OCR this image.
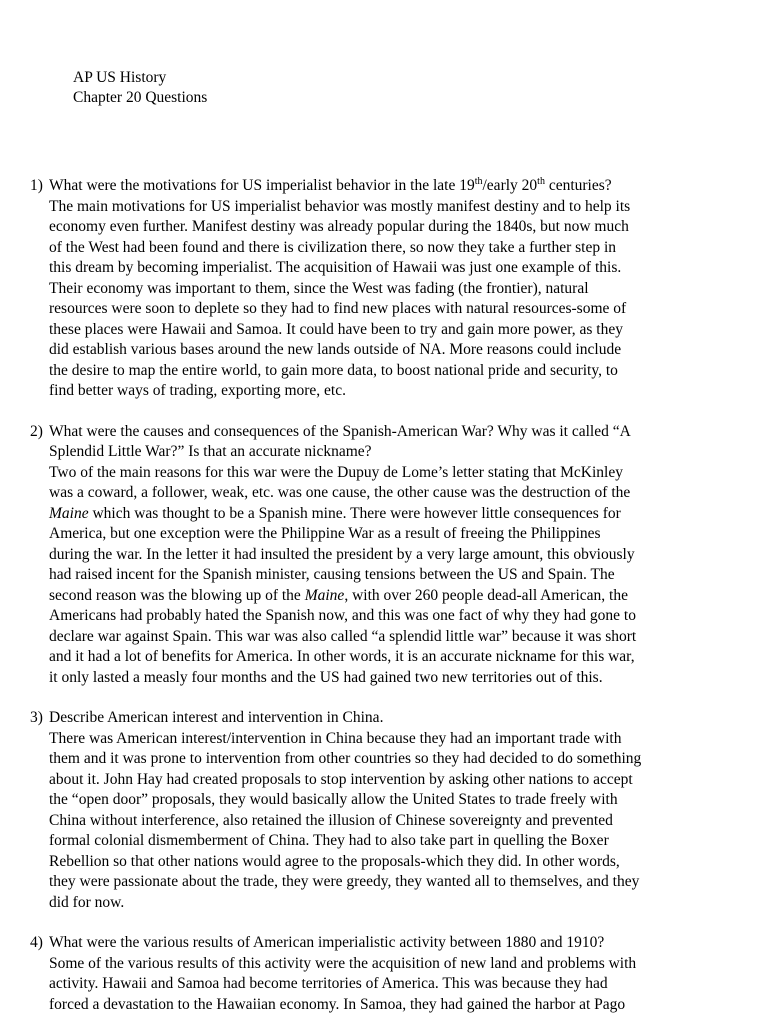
AP US History
Chapter 20 Questions
1) What were the motivations for US imperialist behavior in the late 19th/early 20th centuries?
The main motivations for US imperialist behavior was mostly manifest destiny and to help its
economy even further. Manifest destiny was already popular during the 1840s, but now much
of the West had been found and there is civilization there, so now they take a further step in
this dream by becoming imperialist. The acquisition of Hawaii was just one example of this.
Their economy was important to them, since the West was fading (the frontier), natural
resources were soon to deplete so they had to find new places with natural resources-some of
these places were Hawaii and Samoa. It could have been to try and gain more power, as they
did establish various bases around the new lands outside of NA. More reasons could include
the desire to map the entire world, to gain more data, to boost national pride and security, to
find better ways of trading, exporting more, etc.
2) What were the causes and consequences of the Spanish-American War? Why was it called “A
Splendid Little War?” Is that an accurate nickname?
Two of the main reasons for this war were the Dupuy de Lome’s letter stating that McKinley
was a coward, a follower, weak, etc. was one cause, the other cause was the destruction of the
Maine which was thought to be a Spanish mine. There were however little consequences for
America, but one exception were the Philippine War as a result of freeing the Philippines
during the war. In the letter it had insulted the president by a very large amount, this obviously
had raised incent for the Spanish minister, causing tensions between the US and Spain. The
second reason was the blowing up of the Maine, with over 260 people dead-all American, the
Americans had probably hated the Spanish now, and this was one fact of why they had gone to
declare war against Spain. This war was also called “a splendid little war” because it was short
and it had a lot of benefits for America. In other words, it is an accurate nickname for this war,
it only lasted a measly four months and the US had gained two new territories out of this.
3) Describe American interest and intervention in China.
There was American interest/intervention in China because they had an important trade with
them and it was prone to intervention from other countries so they had decided to do something
about it. John Hay had created proposals to stop intervention by asking other nations to accept
the “open door” proposals, they would basically allow the United States to trade freely with
China without interference, also retained the illusion of Chinese sovereignty and prevented
formal colonial dismemberment of China. They had to also take part in quelling the Boxer
Rebellion so that other nations would agree to the proposals-which they did. In other words,
they were passionate about the trade, they were greedy, they wanted all to themselves, and they
did for now.
4) What were the various results of American imperialistic activity between 1880 and 1910?
Some of the various results of this activity were the acquisition of new land and problems with
activity. Hawaii and Samoa had become territories of America. This was because they had
forced a devastation to the Hawaiian economy. In Samoa, they had gained the harbor at Pago
